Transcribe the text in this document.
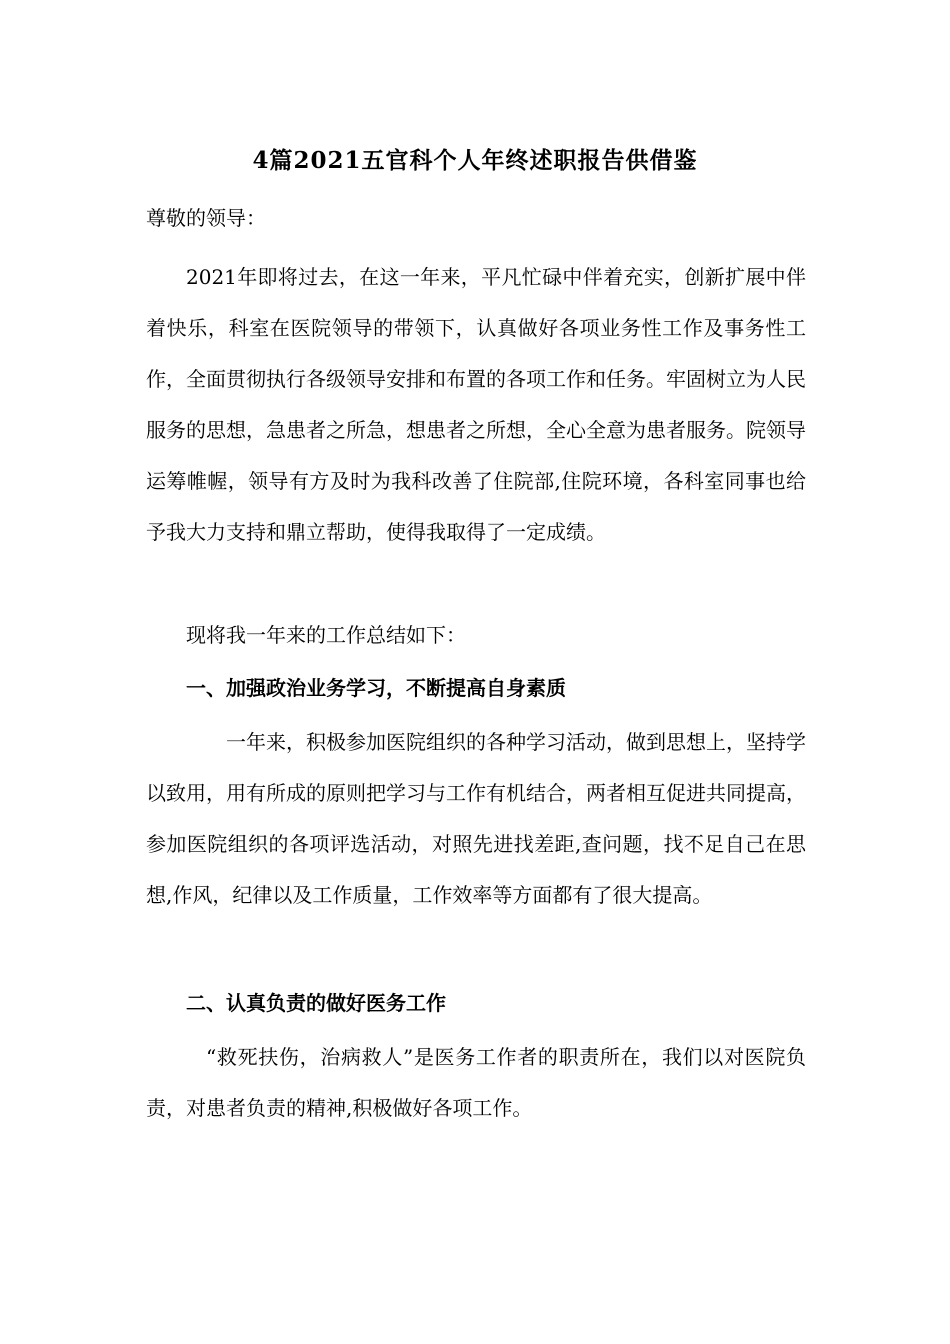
4篇2021五官科个人年终述职报告供借鉴
尊敬的领导：

2021年即将过去，在这一年来，平凡忙碌中伴着充实，创新扩展中伴着快乐，科室在医院领导的带领下，认真做好各项业务性工作及事务性工作，全面贯彻执行各级领导安排和布置的各项工作和任务。牢固树立为人民服务的思想，急患者之所急，想患者之所想，全心全意为患者服务。院领导运筹帷幄，领导有方及时为我科改善了住院部,住院环境，各科室同事也给予我大力支持和鼎立帮助，使得我取得了一定成绩。

现将我一年来的工作总结如下：

一、加强政治业务学习，不断提高自身素质

一年来，积极参加医院组织的各种学习活动，做到思想上，坚持学以致用，用有所成的原则把学习与工作有机结合，两者相互促进共同提高，参加医院组织的各项评选活动，对照先进找差距,查问题，找不足自己在思想,作风，纪律以及工作质量，工作效率等方面都有了很大提高。

二、认真负责的做好医务工作

“救死扶伤，治病救人”是医务工作者的职责所在，我们以对医院负责，对患者负责的精神,积极做好各项工作。
